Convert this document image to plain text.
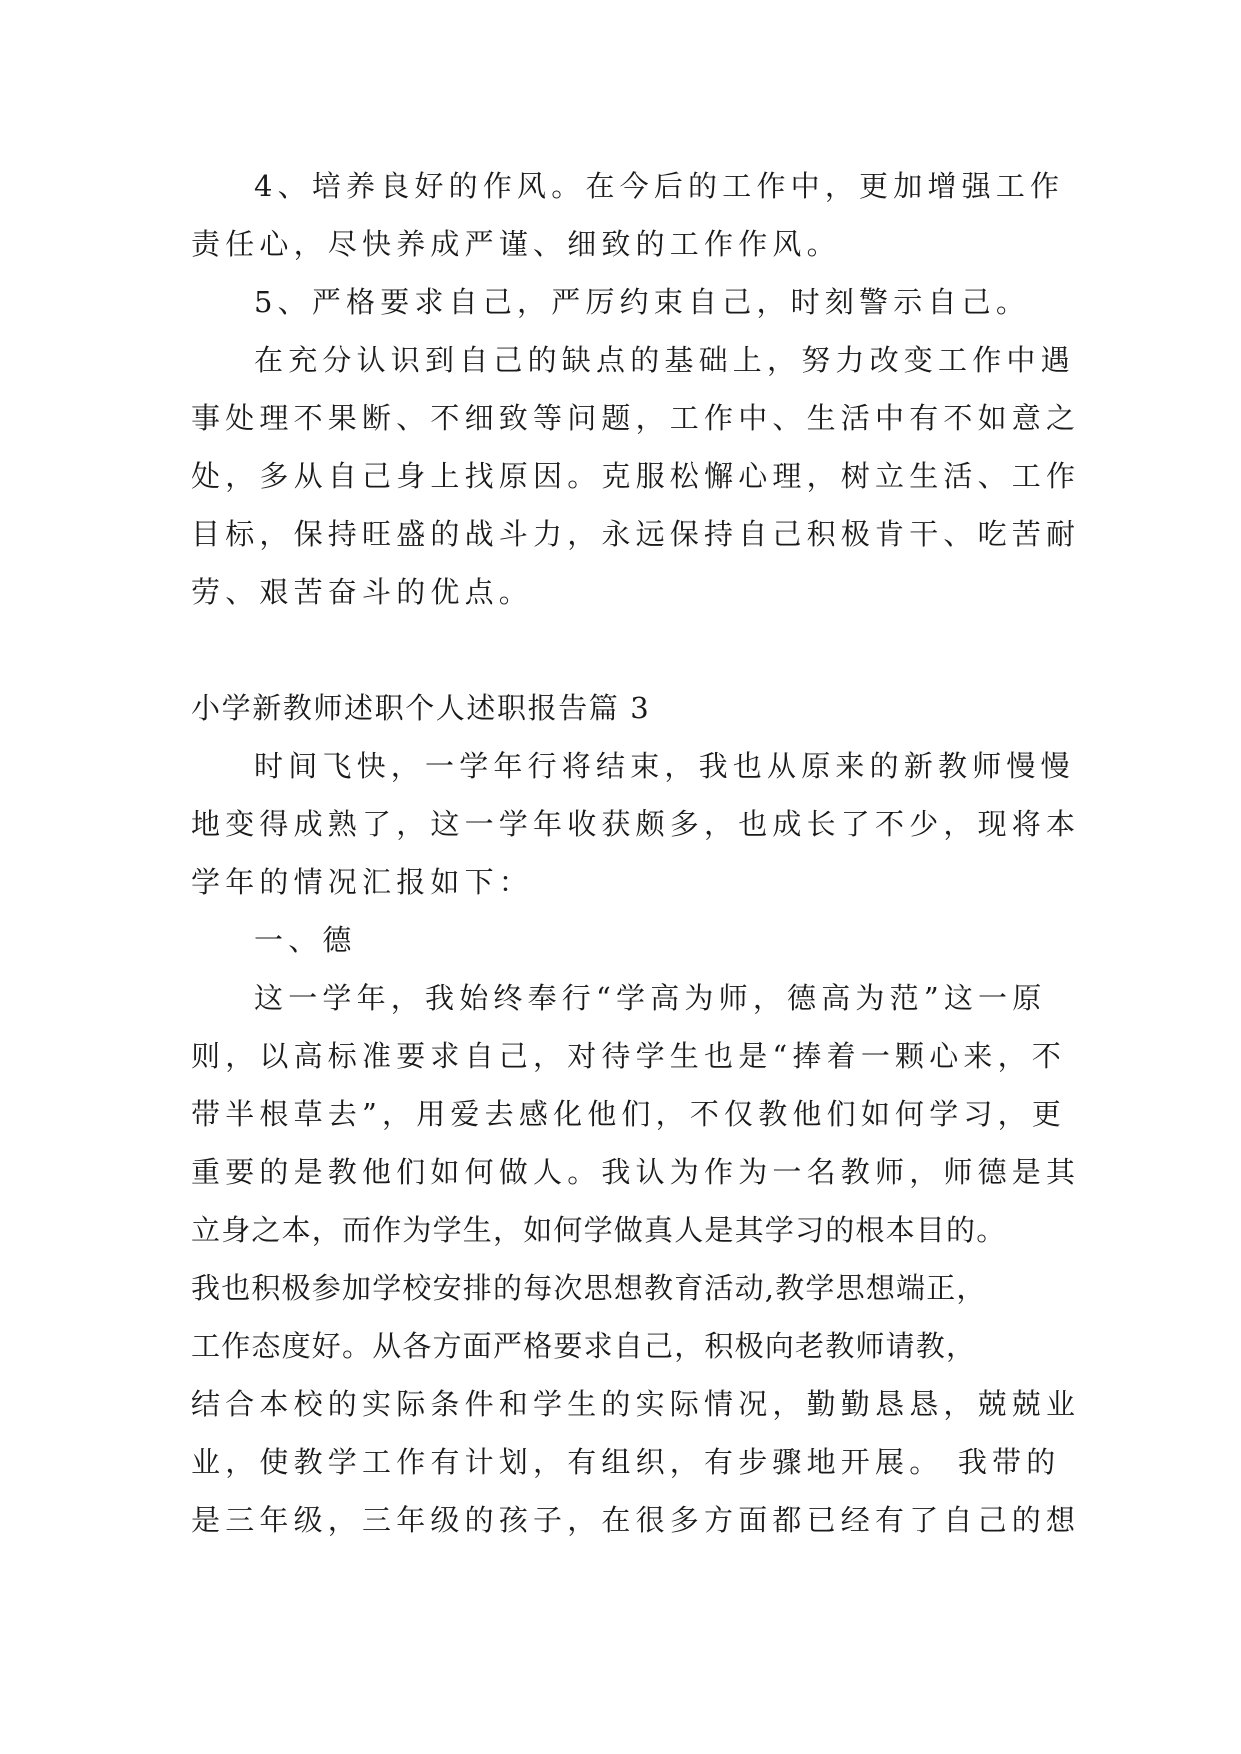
4、培养良好的作风。在今后的工作中，更加增强工作
责任心，尽快养成严谨、细致的工作作风。
5、严格要求自己，严厉约束自己，时刻警示自己。
在充分认识到自己的缺点的基础上，努力改变工作中遇
事处理不果断、不细致等问题，工作中、生活中有不如意之
处，多从自己身上找原因。克服松懈心理，树立生活、工作
目标，保持旺盛的战斗力，永远保持自己积极肯干、吃苦耐
劳、艰苦奋斗的优点。
小学新教师述职个人述职报告篇 3
时间飞快，一学年行将结束，我也从原来的新教师慢慢
地变得成熟了，这一学年收获颇多，也成长了不少，现将本
学年的情况汇报如下：
一、德
这一学年，我始终奉行“学高为师，德高为范”这一原
则，以高标准要求自己，对待学生也是“捧着一颗心来，不
带半根草去”，用爱去感化他们，不仅教他们如何学习，更
重要的是教他们如何做人。我认为作为一名教师，师德是其
立身之本，而作为学生，如何学做真人是其学习的根本目的。
我也积极参加学校安排的每次思想教育活动,教学思想端正，
工作态度好。从各方面严格要求自己，积极向老教师请教，
结合本校的实际条件和学生的实际情况，勤勤恳恳，兢兢业
业，使教学工作有计划，有组织，有步骤地开展。 我带的
是三年级，三年级的孩子，在很多方面都已经有了自己的想
